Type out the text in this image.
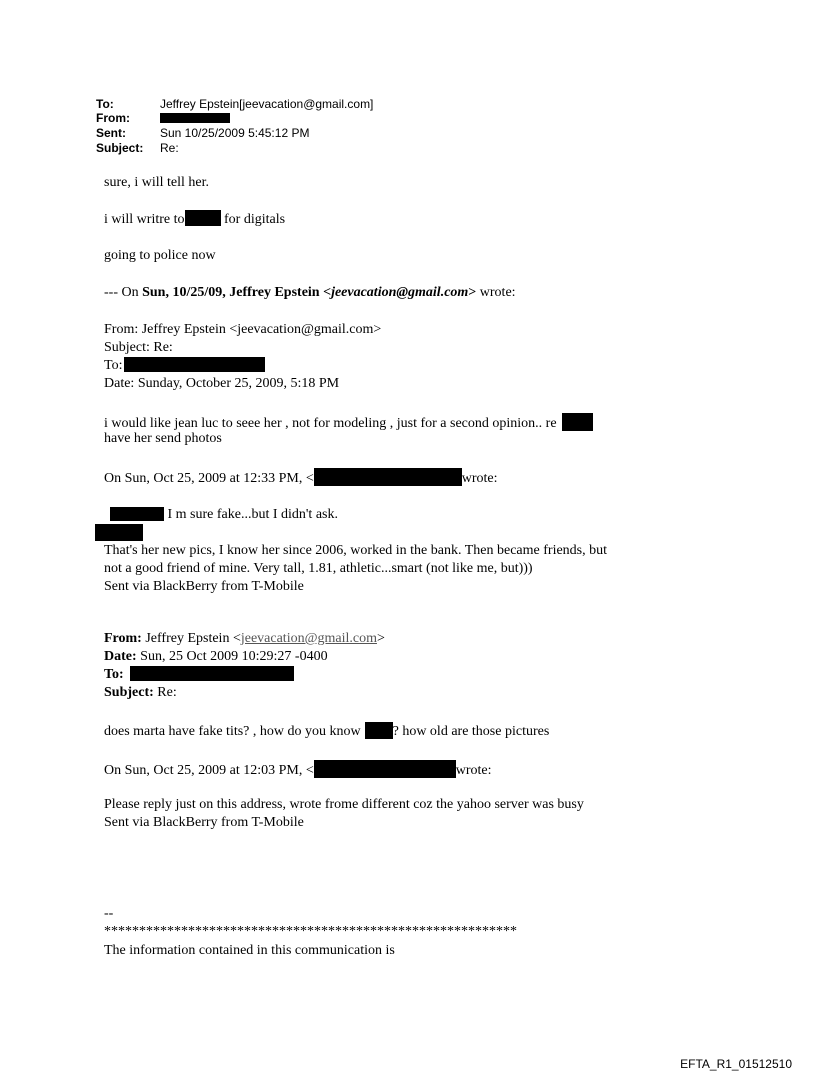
To:	Jeffrey Epstein[jeevacation@gmail.com]
From:
Sent:	Sun 10/25/2009 5:45:12 PM
Subject: Re:
sure, i will tell her.
i will writre to	for digitals
going to police now
--- On Sun, 10/25/09, Jeffrey Epstein <jeevacation@gmail.com> wrote:
From: Jeffrey Epstein <jeevacation@gmail.com>
Subject: Re:
To:
Date: Sunday, October 25, 2009, 5:18 PM
i would like jean luc to seee her , not for modeling , just for a second opinion.. re
have her send photos
On Sun, Oct 25, 2009 at 12:33 PM, <	wrote:
I m sure fake...but I didn't ask.
That's her new pics, I know her since 2006, worked in the bank. Then became friends, but
not a good friend of mine. Very tall, 1.81, athletic...smart (not like me, but)))
Sent via BlackBerry from T-Mobile
From: Jeffrey Epstein <jeevacation@gmail.com>
Date: Sun, 25 Oct 2009 10:29:27 -0400
To:
Subject: Re:
does marta have fake tits? , how do you know ? how old are those pictures
On Sun, Oct 25, 2009 at 12:03 PM, <	wrote:
Please reply just on this address, wrote frome different coz the yahoo server was busy
Sent via BlackBerry from T-Mobile
--
***********************************************************
The information contained in this communication is
EFTA_R1_01512510
